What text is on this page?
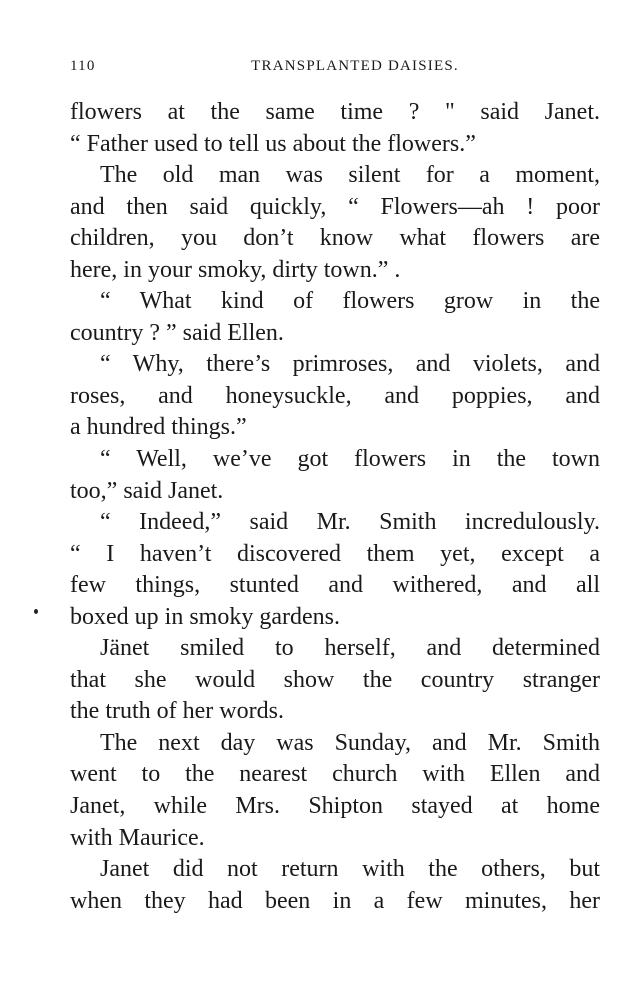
110	TRANSPLANTED DAISIES.
flowers at the same time ? " said Janet.
“ Father used to tell us about the flowers.”
The old man was silent for a moment,
and then said quickly, “ Flowers—ah ! poor
children, you don’t know what flowers are
here, in your smoky, dirty town.” .
“ What kind of flowers grow in the
country ? ” said Ellen.
“ Why, there’s primroses, and violets, and
roses, and honeysuckle, and poppies, and
a hundred things.”
“ Well, we’ve got flowers in the town
too,” said Janet.
“ Indeed,” said Mr. Smith incredulously.
“ I haven’t discovered them yet, except a
few things, stunted and withered, and all
boxed up in smoky gardens.
Jänet smiled to herself, and determined
that she would show the country stranger
the truth of her words.
The next day was Sunday, and Mr. Smith
went to the nearest church with Ellen and
Janet, while Mrs. Shipton stayed at home
with Maurice.
Janet did not return with the others, but
when they had been in a few minutes, her
